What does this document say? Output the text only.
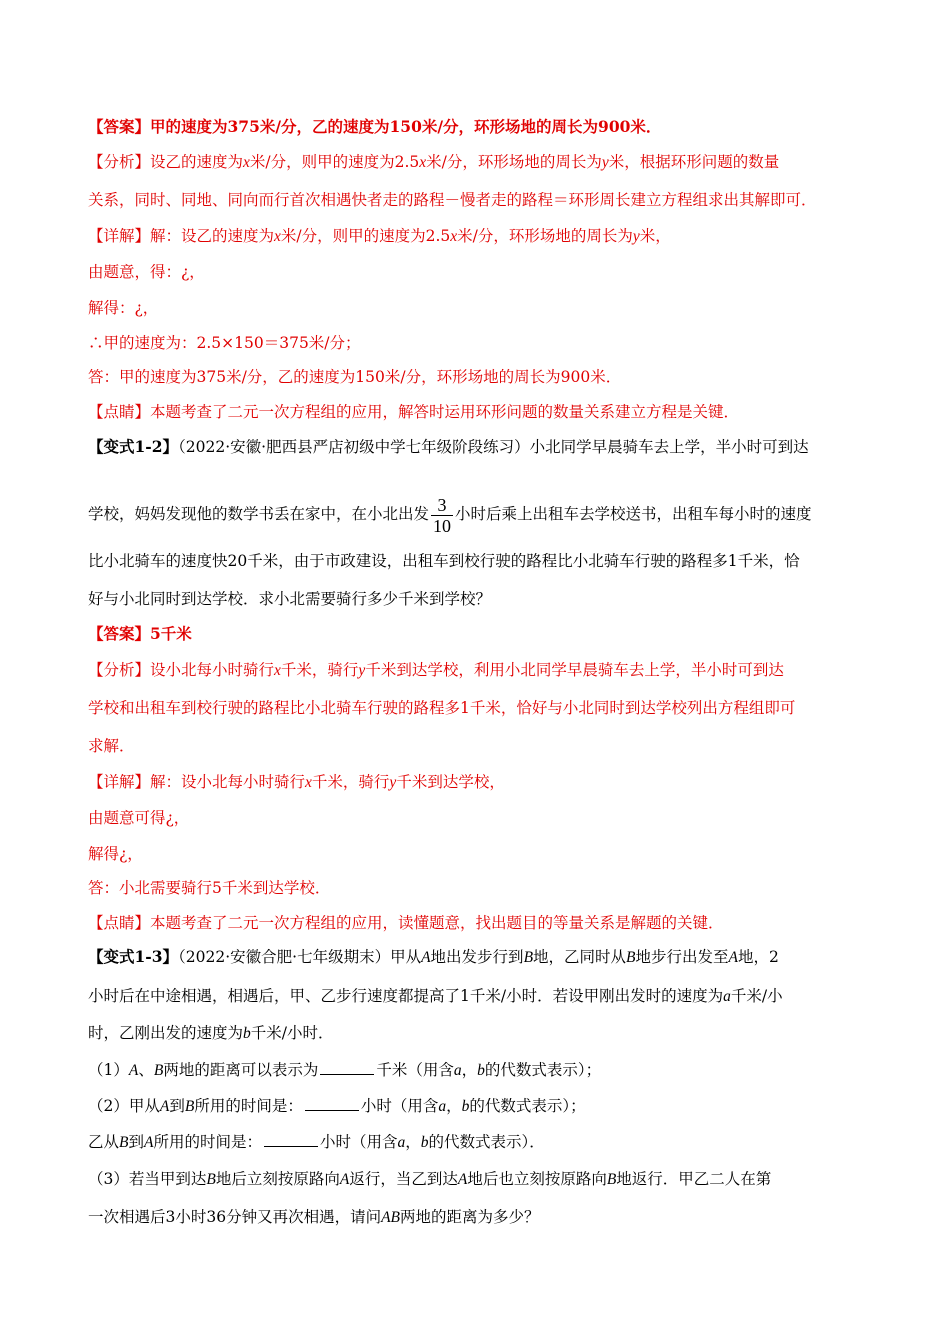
【答案】甲的速度为375米/分，乙的速度为150米/分，环形场地的周长为900米．
【分析】设乙的速度为x米/分，则甲的速度为2.5x米/分，环形场地的周长为y米，根据环形问题的数量
关系，同时、同地、同向而行首次相遇快者走的路程－慢者走的路程＝环形周长建立方程组求出其解即可．
【详解】解：设乙的速度为x米/分，则甲的速度为2.5x米/分，环形场地的周长为y米，
由题意，得：¿，
解得：¿，
∴甲的速度为：2.5×150＝375米/分；
答：甲的速度为375米/分，乙的速度为150米/分，环形场地的周长为900米．
【点睛】本题考查了二元一次方程组的应用，解答时运用环形问题的数量关系建立方程是关键．
【变式1-2】（2022·安徽·肥西县严店初级中学七年级阶段练习）小北同学早晨骑车去上学，半小时可到达
学校，妈妈发现他的数学书丢在家中，在小北出发 $\frac{3}{10}$ 小时后乘上出租车去学校送书，出租车每小时的速度
比小北骑车的速度快20千米，由于市政建设，出租车到校行驶的路程比小北骑车行驶的路程多1千米，恰
好与小北同时到达学校．求小北需要骑行多少千米到学校？
【答案】5千米
【分析】设小北每小时骑行x千米，骑行y千米到达学校，利用小北同学早晨骑车去上学，半小时可到达
学校和出租车到校行驶的路程比小北骑车行驶的路程多1千米，恰好与小北同时到达学校列出方程组即可
求解．
【详解】解：设小北每小时骑行x千米，骑行y千米到达学校，
由题意可得¿，
解得¿，
答：小北需要骑行5千米到达学校．
【点睛】本题考查了二元一次方程组的应用，读懂题意，找出题目的等量关系是解题的关键．
【变式1-3】（2022·安徽合肥·七年级期末）甲从A地出发步行到B地，乙同时从B地步行出发至A地，2
小时后在中途相遇，相遇后，甲、乙步行速度都提高了1千米/小时．若设甲刚出发时的速度为a千米/小
时，乙刚出发的速度为b千米/小时．
（1）A、B两地的距离可以表示为	千米（用含a，b的代数式表示）；
（2）甲从A到B所用的时间是：	小时（用含a，b的代数式表示）；
乙从B到A所用的时间是：	小时（用含a，b的代数式表示）．
（3）若当甲到达B地后立刻按原路向A返行，当乙到达A地后也立刻按原路向B地返行．甲乙二人在第
一次相遇后3小时36分钟又再次相遇，请问AB两地的距离为多少？
